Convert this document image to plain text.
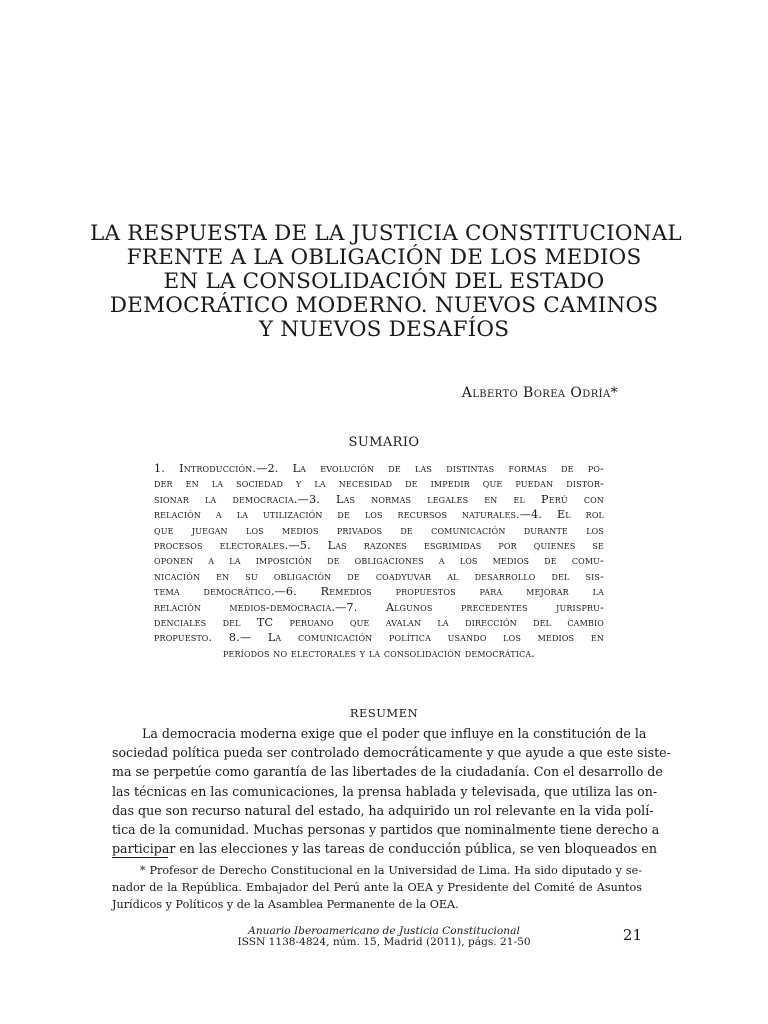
LA RESPUESTA DE LA JUSTICIA CONSTITUCIONAL
FRENTE A LA OBLIGACIÓN DE LOS MEDIOS
EN LA CONSOLIDACIÓN DEL ESTADO
DEMOCRÁTICO MODERNO. NUEVOS CAMINOS
Y NUEVOS DESAFÍOS
Alberto Borea Odría*
SUMARIO
1. Introducción.—2. La evolución de las distintas formas de po-
der en la sociedad y la necesidad de impedir que puedan distor-
sionar la democracia.—3. Las normas legales en el Perú con
relación a la utilización de los recursos naturales.—4. El rol
que juegan los medios privados de comunicación durante los
procesos electorales.—5. Las razones esgrimidas por quienes se
oponen a la imposición de obligaciones a los medios de comu-
nicación en su obligación de coadyuvar al desarrollo del sis-
tema democrático.—6. Remedios propuestos para mejorar la
relación medios-democracia.—7. Algunos precedentes jurispru-
denciales del TC peruano que avalan la dirección del cambio
propuesto. 8.— La comunicación política usando los medios en
períodos no electorales y la consolidación democrática.
RESUMEN
La democracia moderna exige que el poder que influye en la constitución de la
sociedad política pueda ser controlado democráticamente y que ayude a que este siste-
ma se perpetúe como garantía de las libertades de la ciudadanía. Con el desarrollo de
las técnicas en las comunicaciones, la prensa hablada y televisada, que utiliza las on-
das que son recurso natural del estado, ha adquirido un rol relevante en la vida polí-
tica de la comunidad. Muchas personas y partidos que nominalmente tiene derecho a
participar en las elecciones y las tareas de conducción pública, se ven bloqueados en
* Profesor de Derecho Constitucional en la Universidad de Lima. Ha sido diputado y se-
nador de la República. Embajador del Perú ante la OEA y Presidente del Comité de Asuntos
Jurídicos y Políticos y de la Asamblea Permanente de la OEA.
Anuario Iberoamericano de Justicia Constitucional
ISSN 1138-4824, núm. 15, Madrid (2011), págs. 21-50	21
